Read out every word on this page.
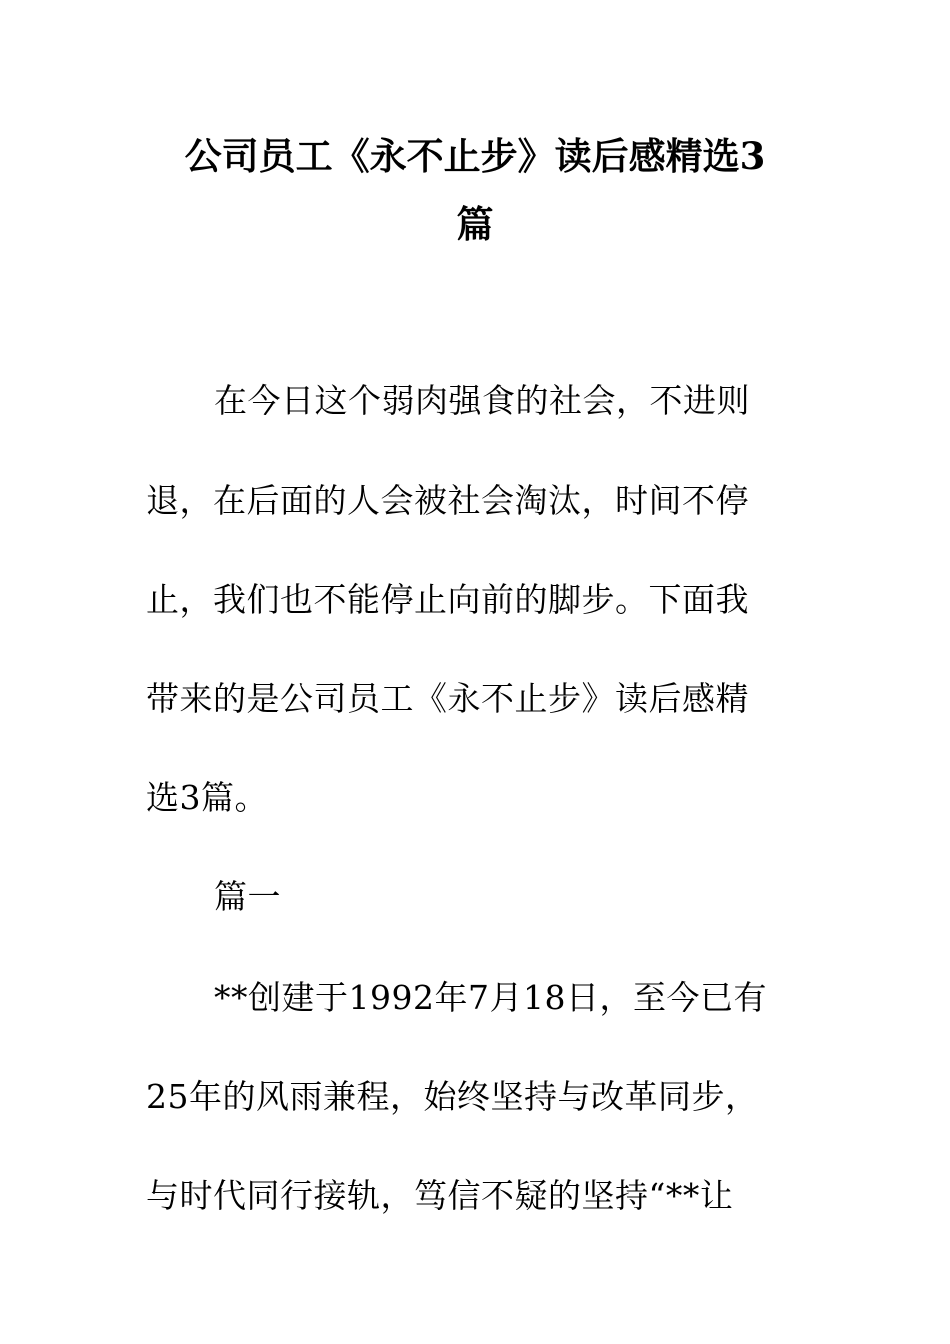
公司员工《永不止步》读后感精选3
篇
在今日这个弱肉强食的社会，不进则
退，在后面的人会被社会淘汰，时间不停
止，我们也不能停止向前的脚步。下面我
带来的是公司员工《永不止步》读后感精
选3篇。
篇一
**创建于1992年7月18日，至今已有
25年的风雨兼程，始终坚持与改革同步，
与时代同行接轨，笃信不疑的坚持“**让
